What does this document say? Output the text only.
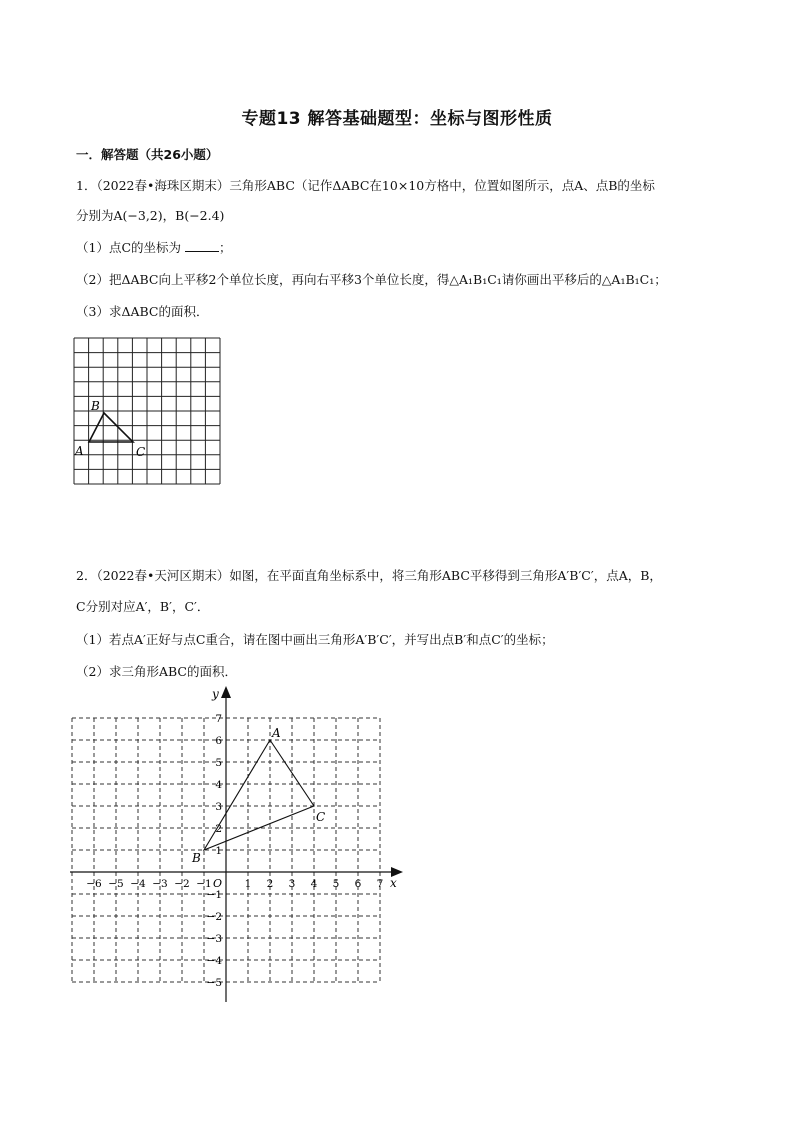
专题13 解答基础题型：坐标与图形性质
一．解答题（共26小题）
1．（2022春•海珠区期末）三角形ABC（记作ΔABC在10×10方格中，位置如图所示，点A、点B的坐标
分别为A(−3,2)，B(−2.4)
（1）点C的坐标为	；
（2）把ΔABC向上平移2个单位长度，再向右平移3个单位长度，得△A₁B₁C₁请你画出平移后的△A₁B₁C₁；
（3）求ΔABC的面积．
B
A	C
2．（2022春•天河区期末）如图，在平面直角坐标系中，将三角形ABC平移得到三角形A′B′C′，点A，B，
C分别对应A′，B′，C′．
（1）若点A′正好与点C重合，请在图中画出三角形A′B′C′，并写出点B′和点C′的坐标；
（2）求三角形ABC的面积．
x
y
O
−6 −5 −4 −3 −2 −1	1 2 3 4 5 6 7
7
6
5
4
3
2
1
−1
−2
−3
−4
−5
A
C
B
